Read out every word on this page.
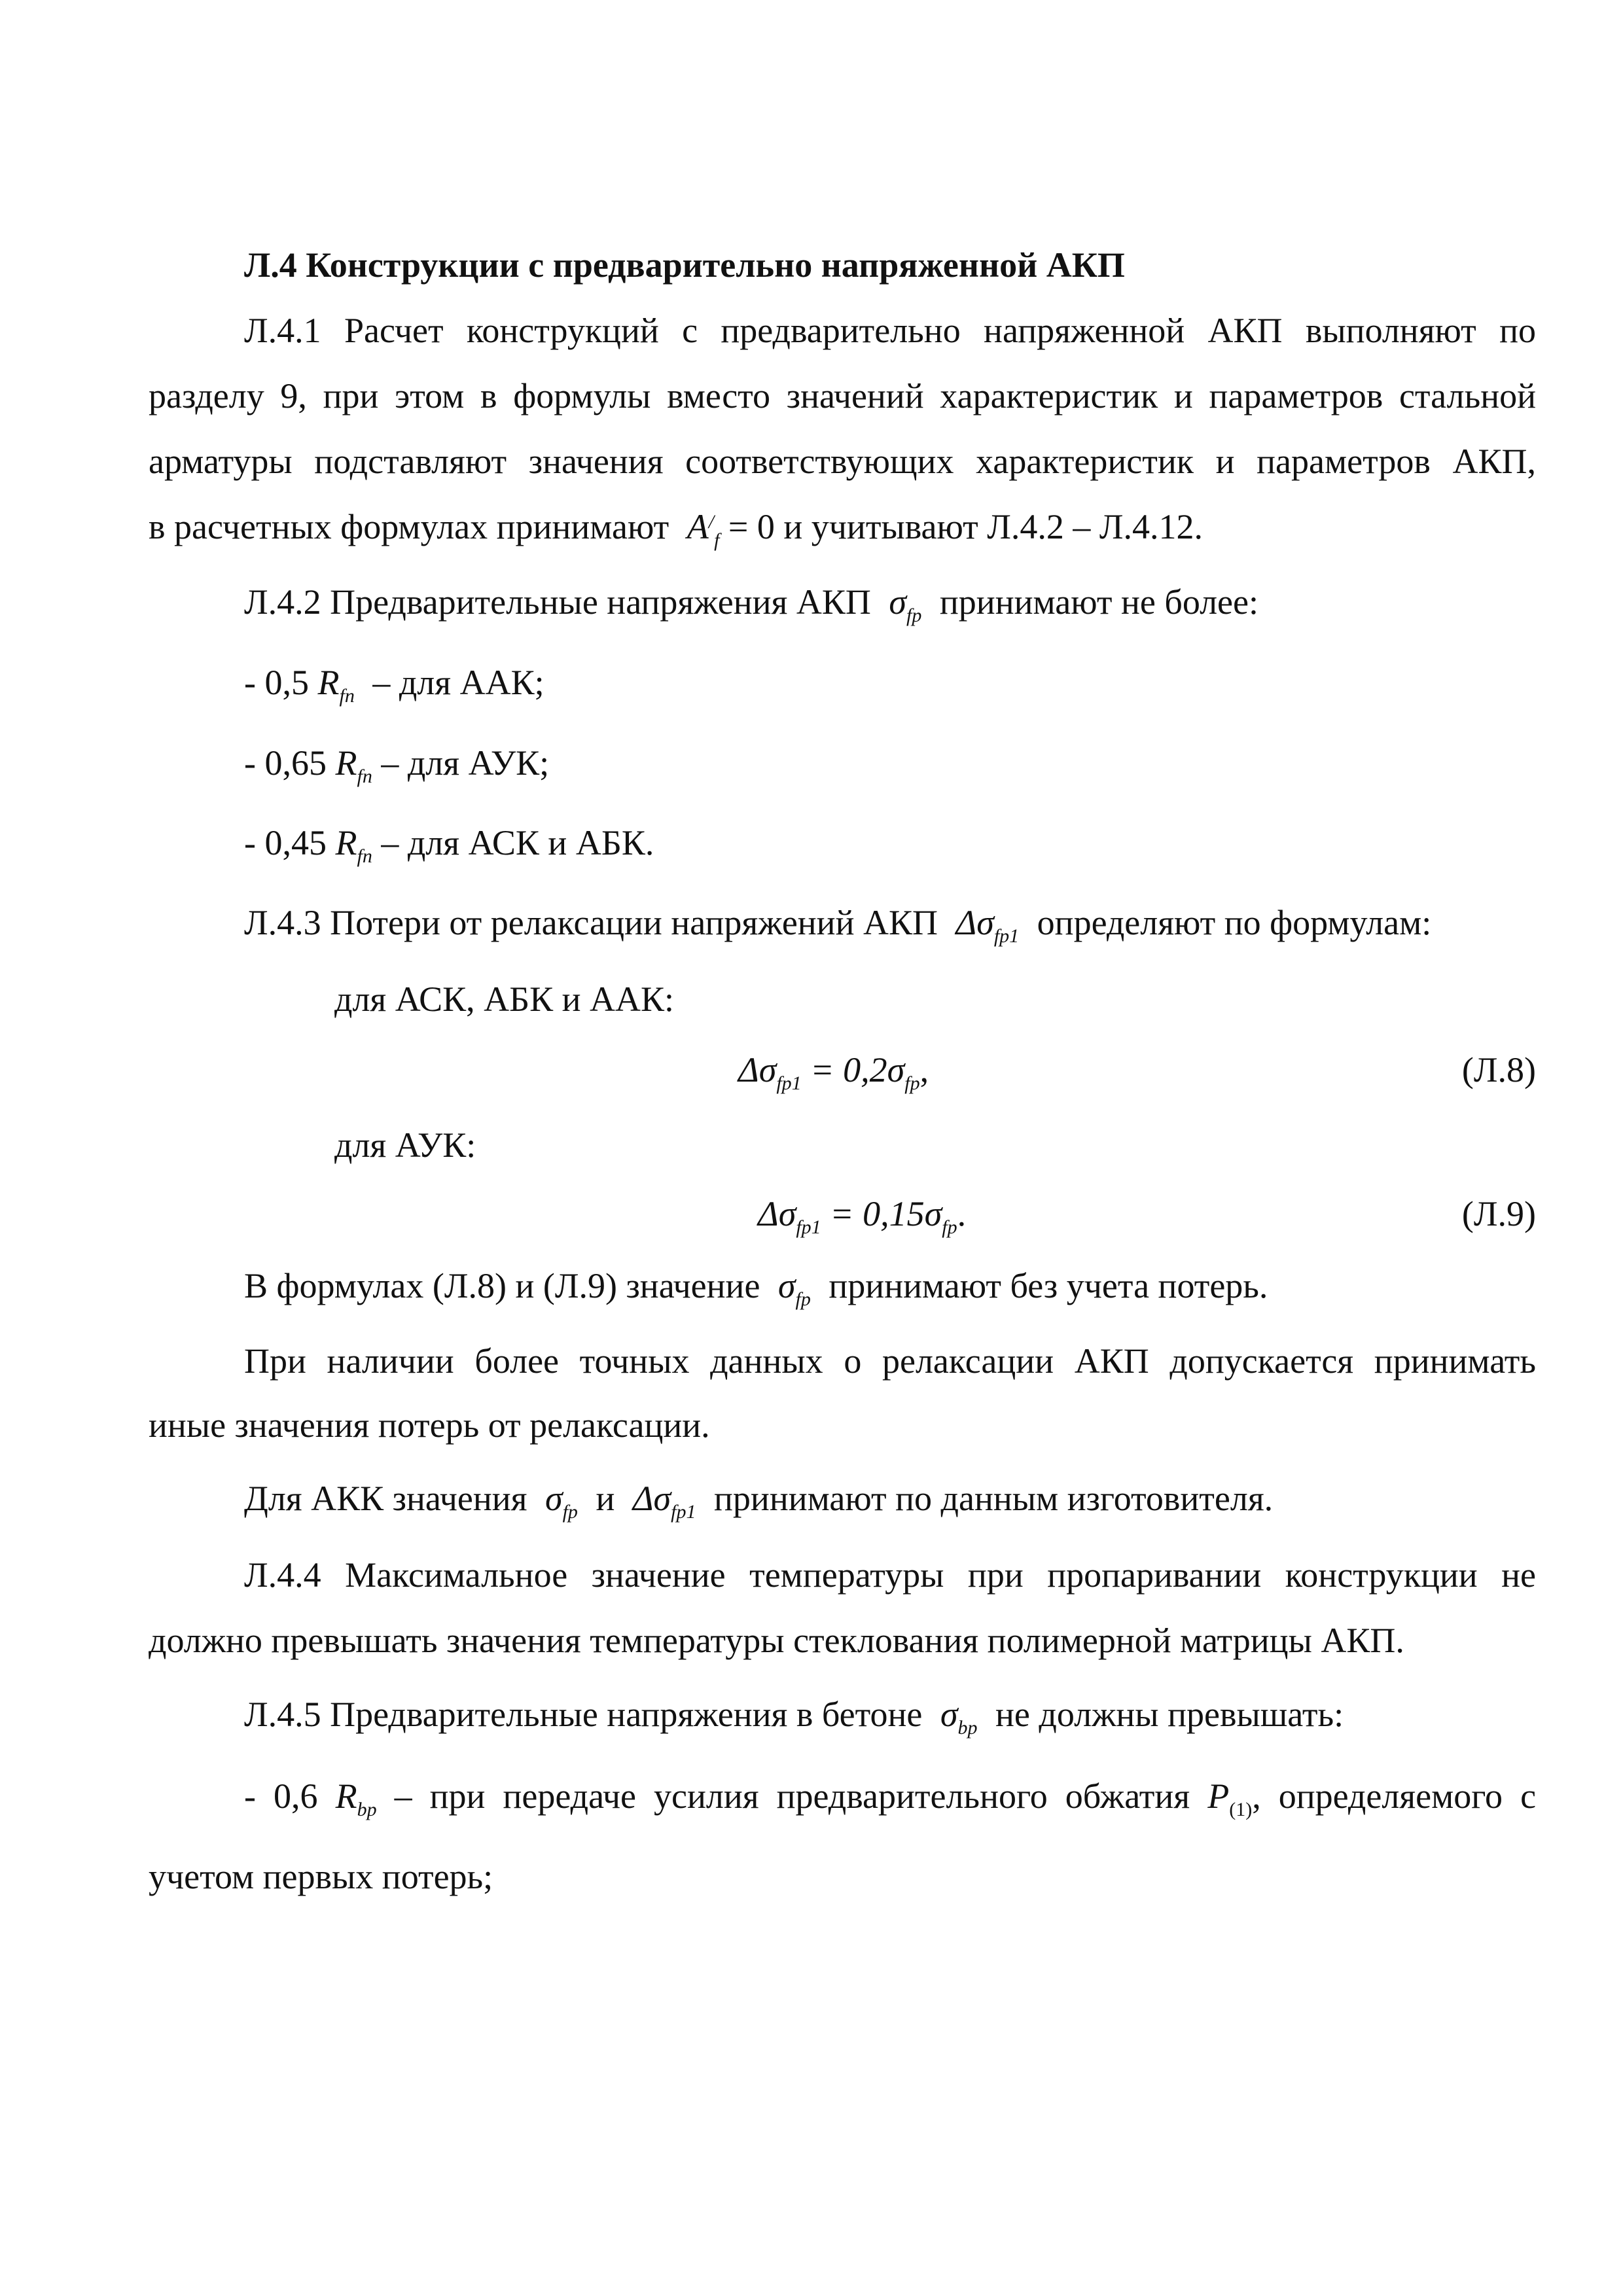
Л.4 Конструкции с предварительно напряженной АКП
Л.4.1 Расчет конструкций с предварительно напряженной АКП выполняют по
разделу 9, при этом в формулы вместо значений характеристик и параметров стальной
арматуры подставляют значения соответствующих характеристик и параметров АКП,
в расчетных формулах принимают $A^/_f = 0$ и учитывают Л.4.2 – Л.4.12.
Л.4.2 Предварительные напряжения АКП $\sigma_{fp}$ принимают не более:
- 0,5 $R_{fn}$ – для ААК;
- 0,65 $R_{fn}$ – для АУК;
- 0,45 $R_{fn}$ – для АСК и АБК.
Л.4.3 Потери от релаксации напряжений АКП $\Delta\sigma_{fp1}$ определяют по формулам:
для АСК, АБК и ААК:
$\Delta\sigma_{fp1} = 0,2\sigma_{fp}$,	(Л.8)
для АУК:
$\Delta\sigma_{fp1} = 0,15\sigma_{fp}$.	(Л.9)
В формулах (Л.8) и (Л.9) значение $\sigma_{fp}$ принимают без учета потерь.
При наличии более точных данных о релаксации АКП допускается принимать
иные значения потерь от релаксации.
Для АКК значения $\sigma_{fp}$ и $\Delta\sigma_{fp1}$ принимают по данным изготовителя.
Л.4.4 Максимальное значение температуры при пропаривании конструкции не
должно превышать значения температуры стеклования полимерной матрицы АКП.
Л.4.5 Предварительные напряжения в бетоне $\sigma_{bp}$ не должны превышать:
- 0,6 $R_{bp}$ – при передаче усилия предварительного обжатия $P_{(1)}$, определяемого с
учетом первых потерь;
